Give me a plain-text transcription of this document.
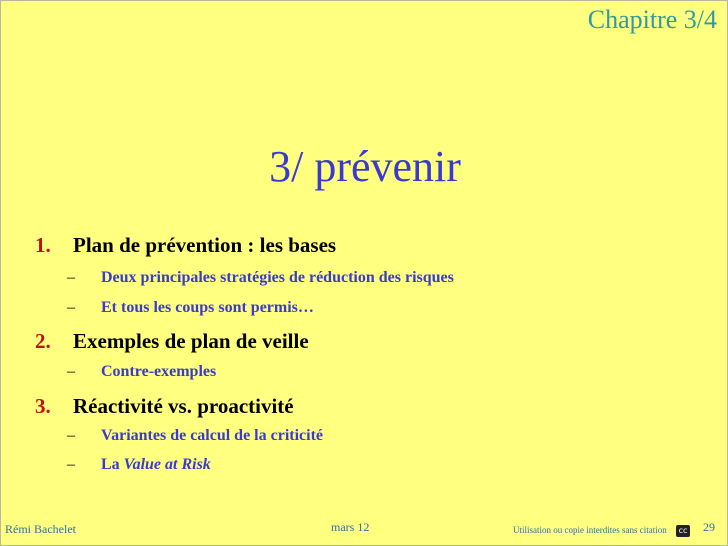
Chapitre 3/4
3/ prévenir
1. Plan de prévention : les bases
– Deux principales stratégies de réduction des risques
– Et tous les coups sont permis…
2. Exemples de plan de veille
– Contre-exemples
3. Réactivité vs. proactivité
– Variantes de calcul de la criticité
– La Value at Risk
Rémi Bachelet	mars 12	Utilisation ou copie interdites sans citation	cc 29
